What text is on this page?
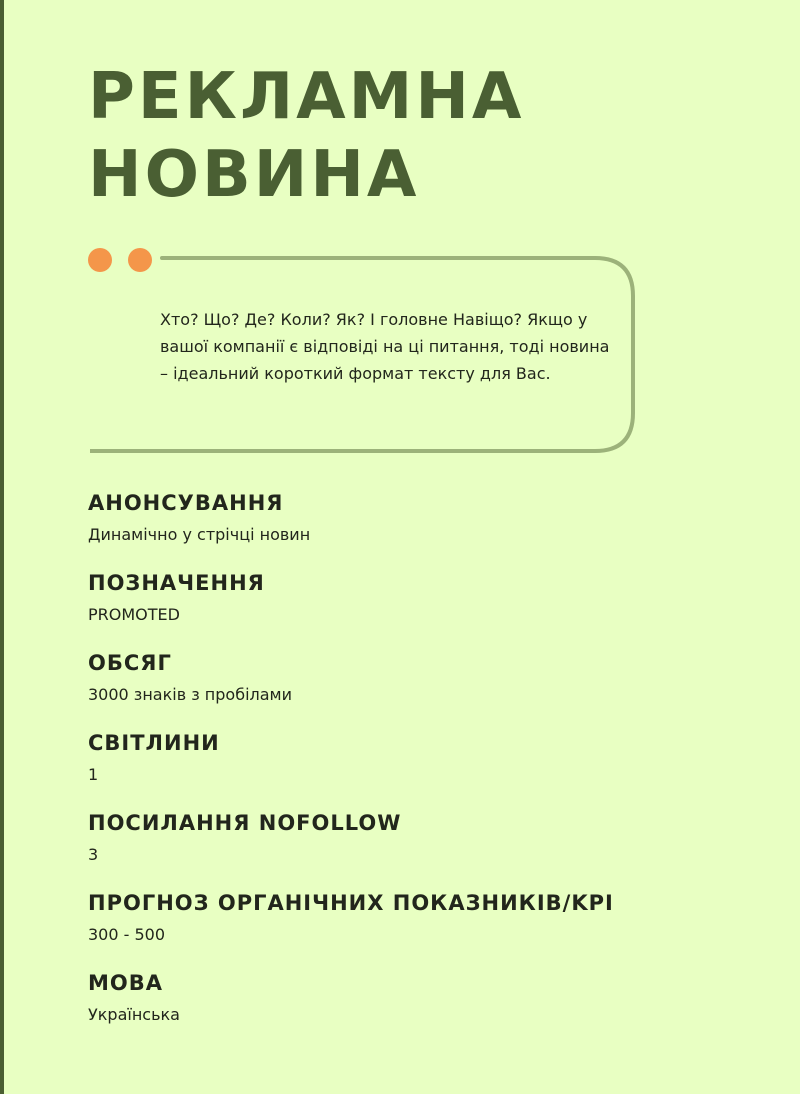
РЕКЛАМНА
НОВИНА

Хто? Що? Де? Коли? Як? І головне Навіщо? Якщо у вашої компанії є відповіді на ці питання, тоді новина – ідеальний короткий формат тексту для Вас.

АНОНСУВАННЯ
Динамічно у стрічці новин
ПОЗНАЧЕННЯ
PROMOTED
ОБСЯГ
3000 знаків з пробілами
СВІТЛИНИ
1
ПОСИЛАННЯ NOFOLLOW
3
ПРОГНОЗ ОРГАНІЧНИХ ПОКАЗНИКІВ/KPI
300 - 500
МОВА
Українська
